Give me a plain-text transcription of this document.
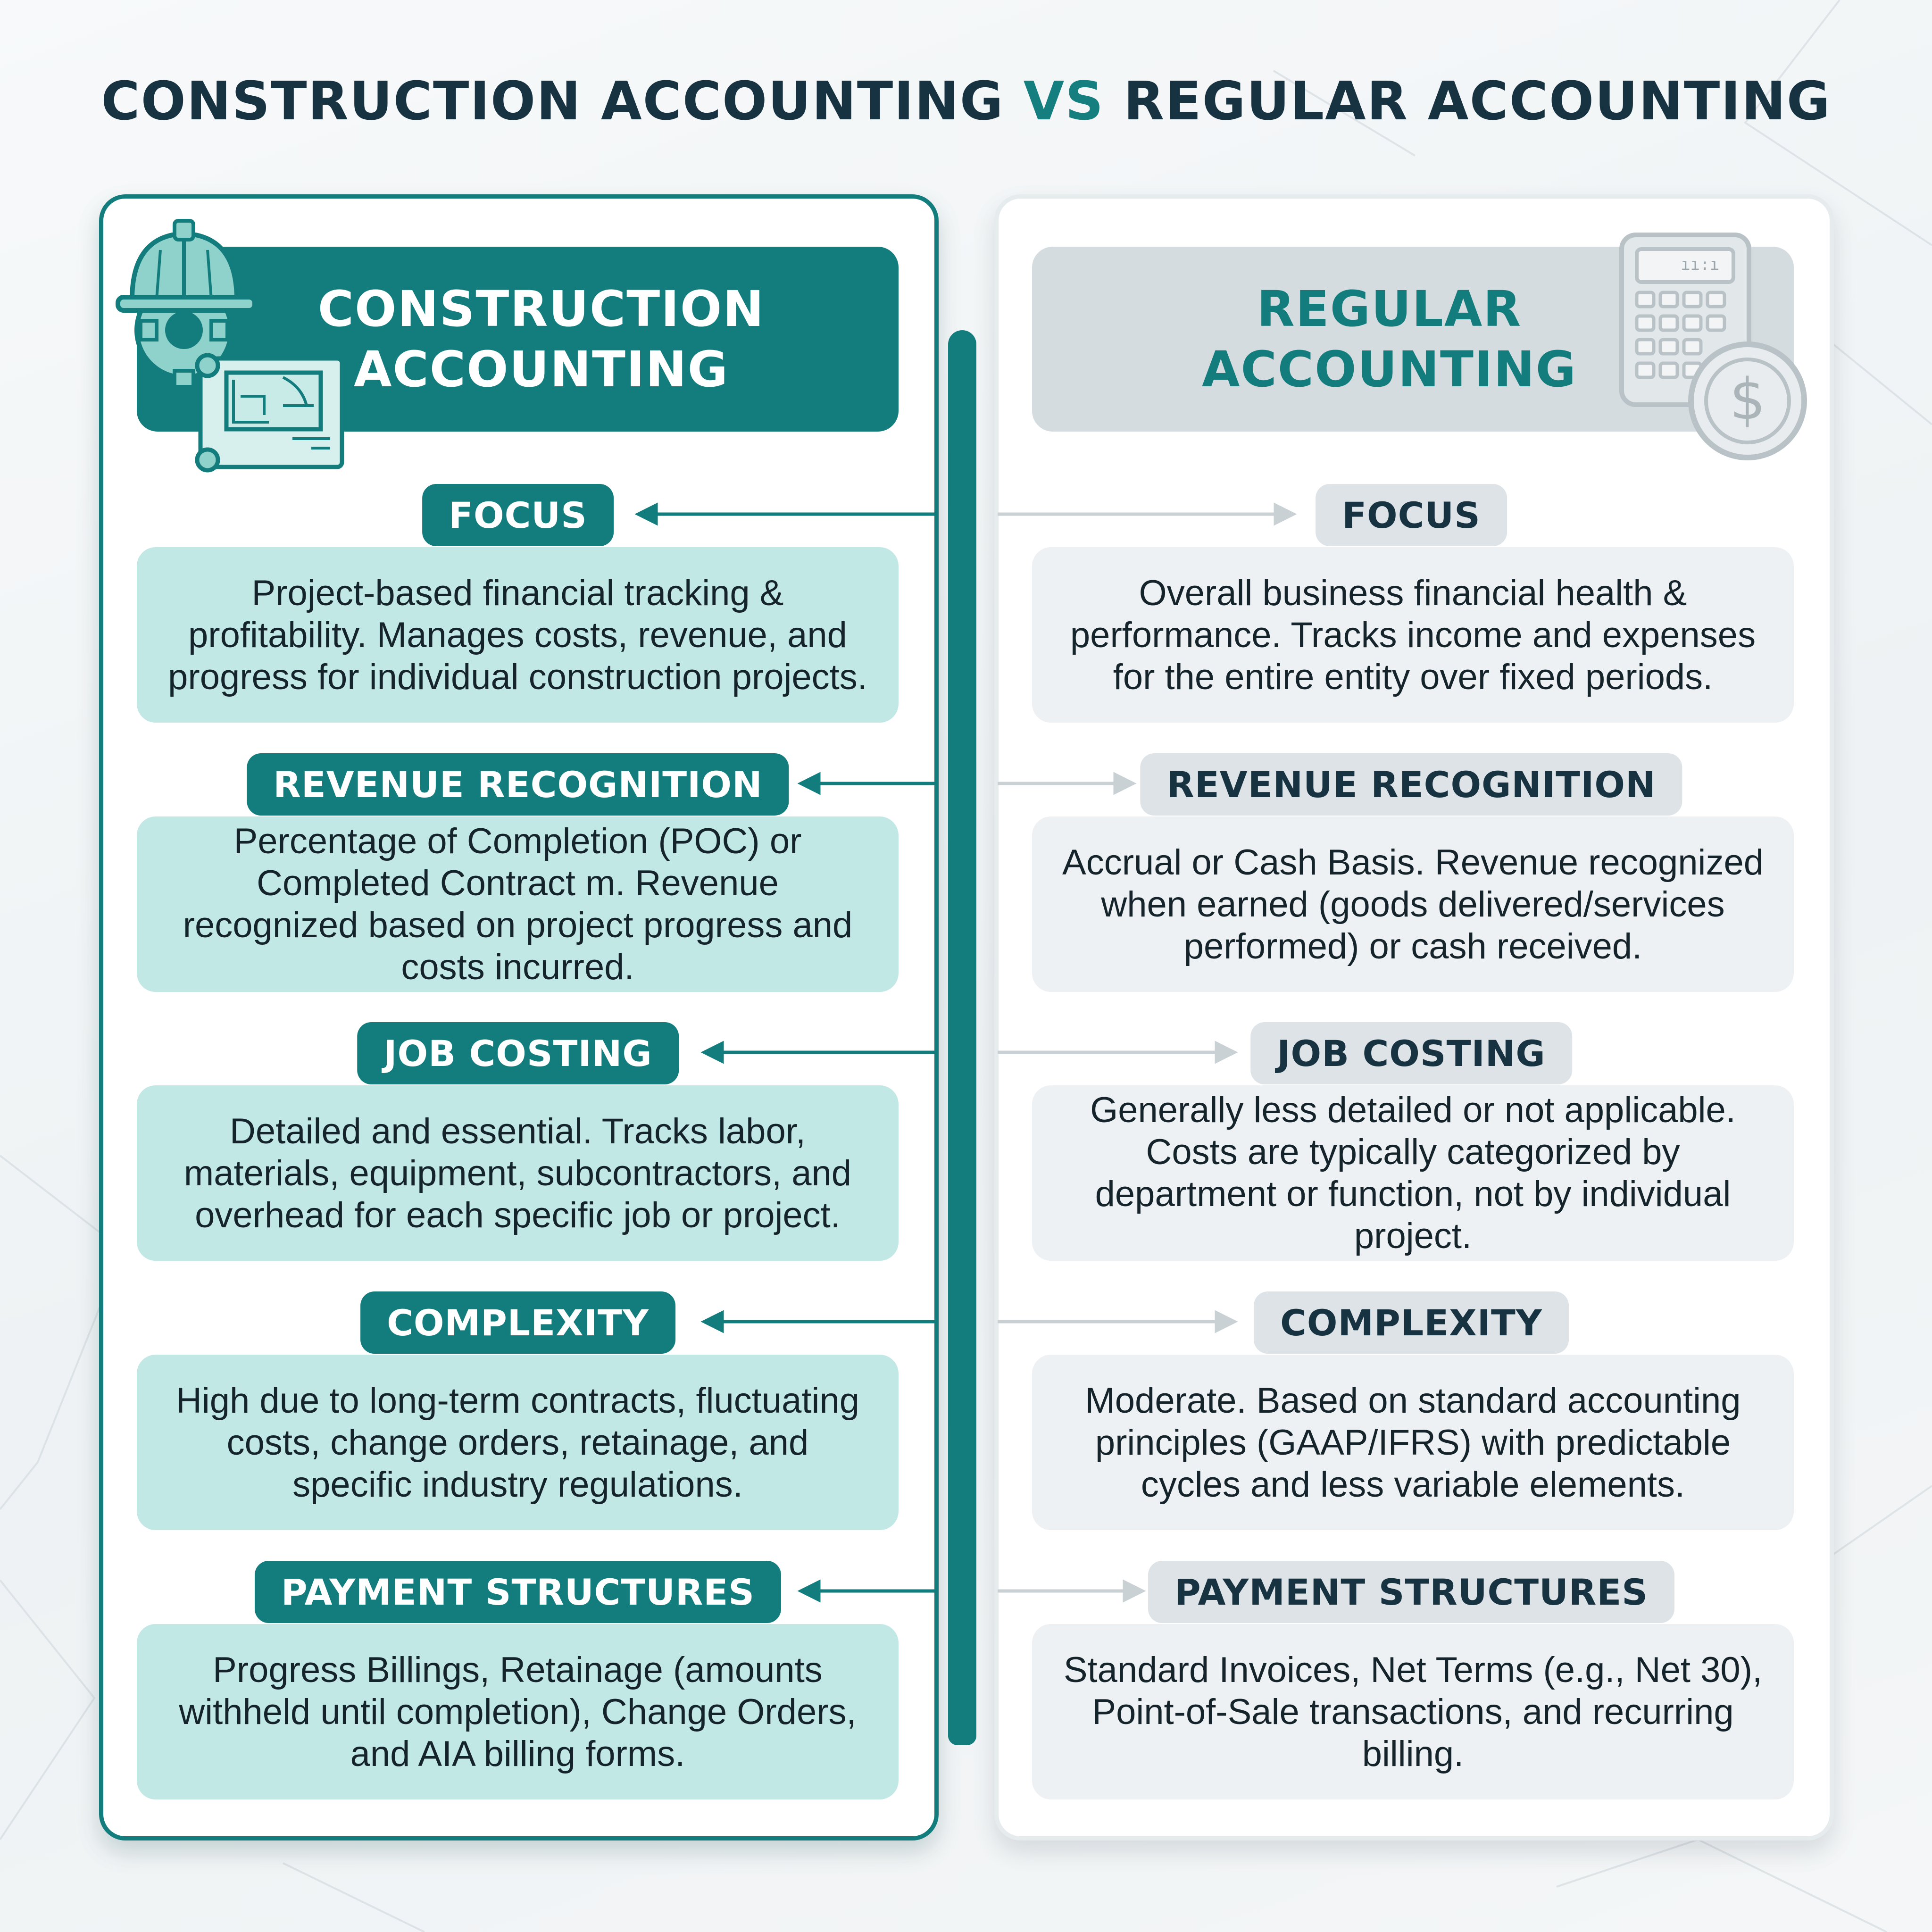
CONSTRUCTION ACCOUNTING VS REGULAR ACCOUNTING
CONSTRUCTION
ACCOUNTING
REGULAR
ACCOUNTING
ıı:ı
$
FOCUS
Project-based financial tracking & profitability. Manages costs, revenue, and progress for individual construction projects.
REVENUE RECOGNITION
Percentage of Completion (POC) or Completed Contract m. Revenue recognized based on project progress and costs incurred.
JOB COSTING
Detailed and essential. Tracks labor, materials, equipment, subcontractors, and overhead for each specific job or project.
COMPLEXITY
High due to long-term contracts, fluctuating costs, change orders, retainage, and specific industry regulations.
PAYMENT STRUCTURES
Progress Billings, Retainage (amounts withheld until completion), Change Orders, and AIA billing forms.
FOCUS
Overall business financial health & performance. Tracks income and expenses for the entire entity over fixed periods.
REVENUE RECOGNITION
Accrual or Cash Basis. Revenue recognized when earned (goods delivered/services performed) or cash received.
JOB COSTING
Generally less detailed or not applicable. Costs are typically categorized by department or function, not by individual project.
COMPLEXITY
Moderate. Based on standard accounting principles (GAAP/IFRS) with predictable cycles and less variable elements.
PAYMENT STRUCTURES
Standard Invoices, Net Terms (e.g., Net 30), Point-of-Sale transactions, and recurring billing.
